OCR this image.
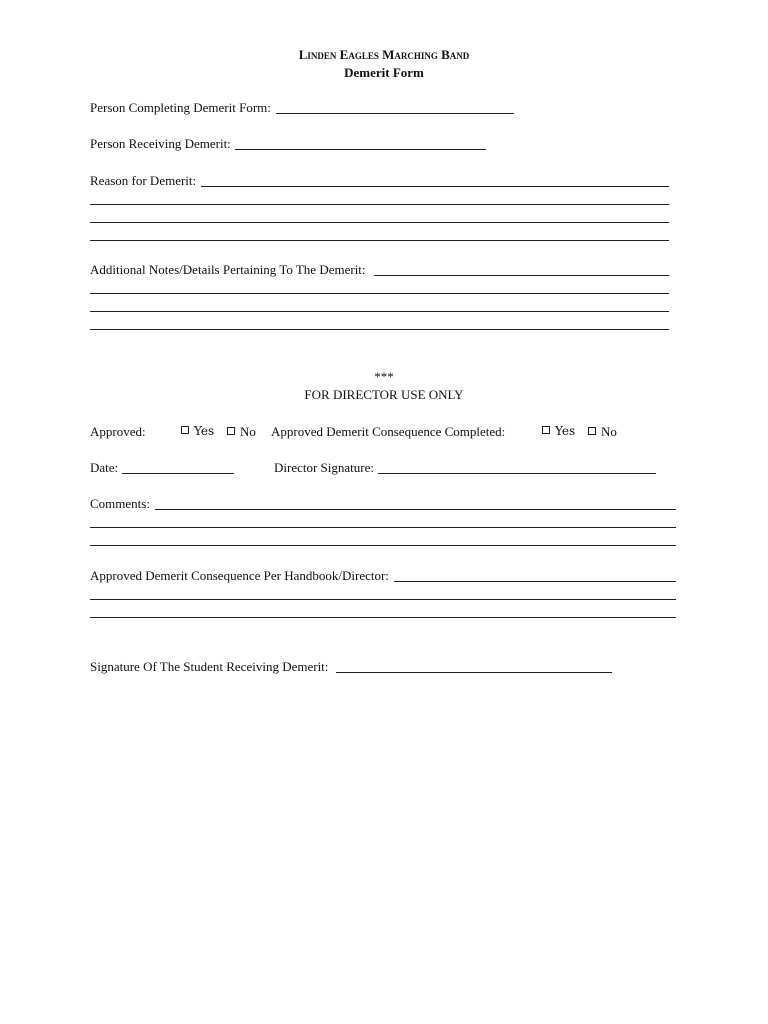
Linden Eagles Marching Band
Demerit Form
Person Completing Demerit Form:
Person Receiving Demerit:
Reason for Demerit:
Additional Notes/Details Pertaining To The Demerit:
***
FOR DIRECTOR USE ONLY
Approved:	Yes	No Approved Demerit Consequence Completed:	Yes	No
Date:	Director Signature:
Comments:
Approved Demerit Consequence Per Handbook/Director:
Signature Of The Student Receiving Demerit:
